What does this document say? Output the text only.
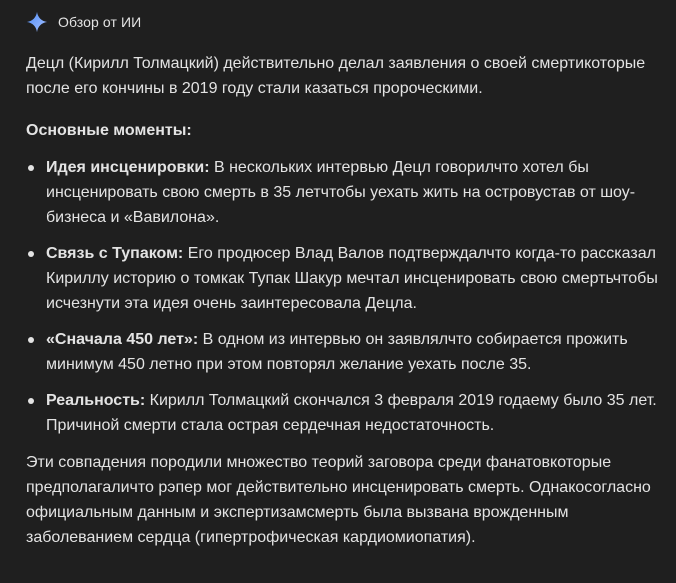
Обзор от ИИ

Децл (Кирилл Толмацкий) действительно делал заявления о своей смертикоторые после его кончины в 2019 году стали казаться пророческими.

Основные моменты:

Идея инсценировки: В нескольких интервью Децл говорилчто хотел бы инсценировать свою смерть в 35 летчтобы уехать жить на островустав от шоу-бизнеса и «Вавилона».
Связь с Тупаком: Его продюсер Влад Валов подтверждалчто когда-то рассказал Кириллу историю о томкак Тупак Шакур мечтал инсценировать свою смертьчтобы исчезнути эта идея очень заинтересовала Децла.
«Сначала 450 лет»: В одном из интервью он заявлялчто собирается прожить минимум 450 летно при этом повторял желание уехать после 35.
Реальность: Кирилл Толмацкий скончался 3 февраля 2019 годаему было 35 лет. Причиной смерти стала острая сердечная недостаточность.

Эти совпадения породили множество теорий заговора среди фанатовкоторые предполагаличто рэпер мог действительно инсценировать смерть. Однакосогласно официальным данным и экспертизамсмерть была вызвана врожденным заболеванием сердца (гипертрофическая кардиомиопатия).
